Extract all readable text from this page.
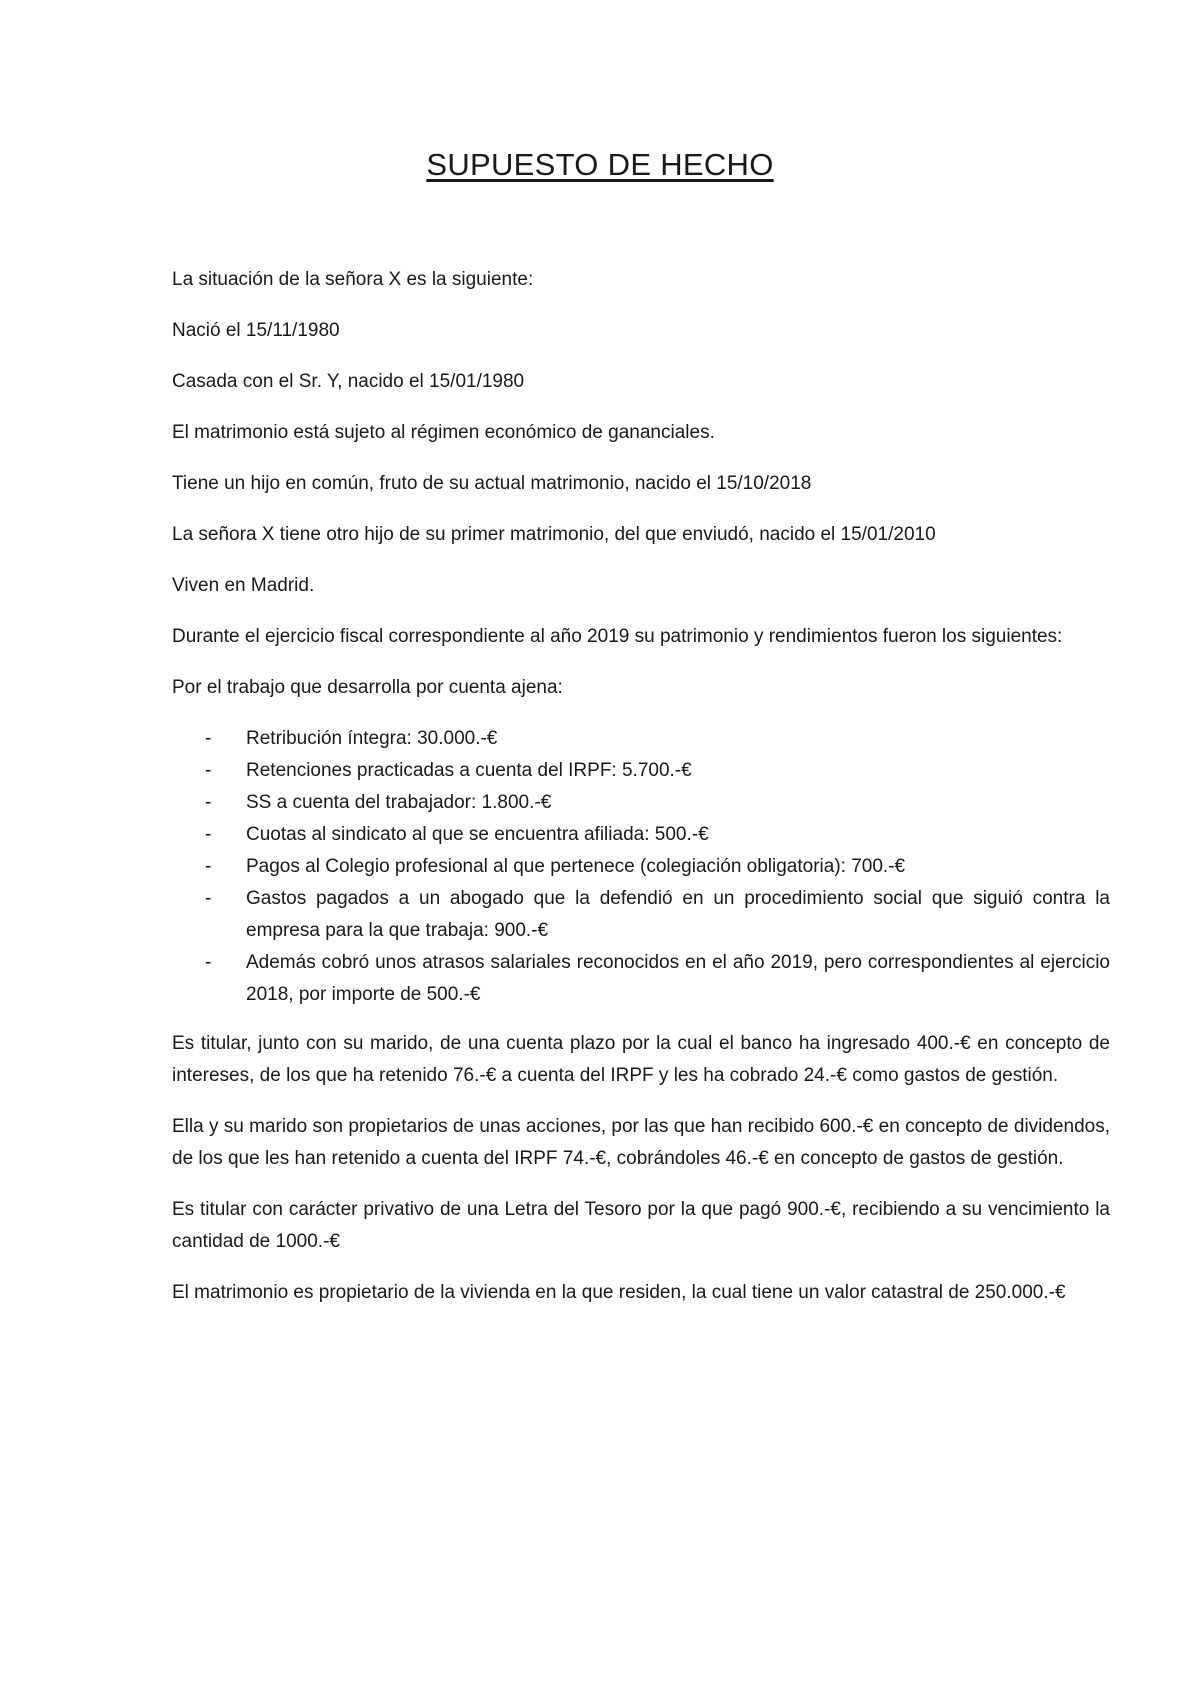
SUPUESTO DE HECHO

La situación de la señora X es la siguiente:

Nació el 15/11/1980

Casada con el Sr. Y, nacido el 15/01/1980

El matrimonio está sujeto al régimen económico de gananciales.

Tiene un hijo en común, fruto de su actual matrimonio, nacido el 15/10/2018

La señora X tiene otro hijo de su primer matrimonio, del que enviudó, nacido el 15/01/2010

Viven en Madrid.

Durante el ejercicio fiscal correspondiente al año 2019 su patrimonio y rendimientos fueron los siguientes:

Por el trabajo que desarrolla por cuenta ajena:

- Retribución íntegra: 30.000.-€
- Retenciones practicadas a cuenta del IRPF: 5.700.-€
- SS a cuenta del trabajador: 1.800.-€
- Cuotas al sindicato al que se encuentra afiliada: 500.-€
- Pagos al Colegio profesional al que pertenece (colegiación obligatoria): 700.-€
- Gastos pagados a un abogado que la defendió en un procedimiento social que siguió contra la empresa para la que trabaja: 900.-€
- Además cobró unos atrasos salariales reconocidos en el año 2019, pero correspondientes al ejercicio 2018, por importe de 500.-€

Es titular, junto con su marido, de una cuenta plazo por la cual el banco ha ingresado 400.-€ en concepto de intereses, de los que ha retenido 76.-€ a cuenta del IRPF y les ha cobrado 24.-€ como gastos de gestión.

Ella y su marido son propietarios de unas acciones, por las que han recibido 600.-€ en concepto de dividendos, de los que les han retenido a cuenta del IRPF 74.-€, cobrándoles 46.-€ en concepto de gastos de gestión.

Es titular con carácter privativo de una Letra del Tesoro por la que pagó 900.-€, recibiendo a su vencimiento la cantidad de 1000.-€

El matrimonio es propietario de la vivienda en la que residen, la cual tiene un valor catastral de 250.000.-€
